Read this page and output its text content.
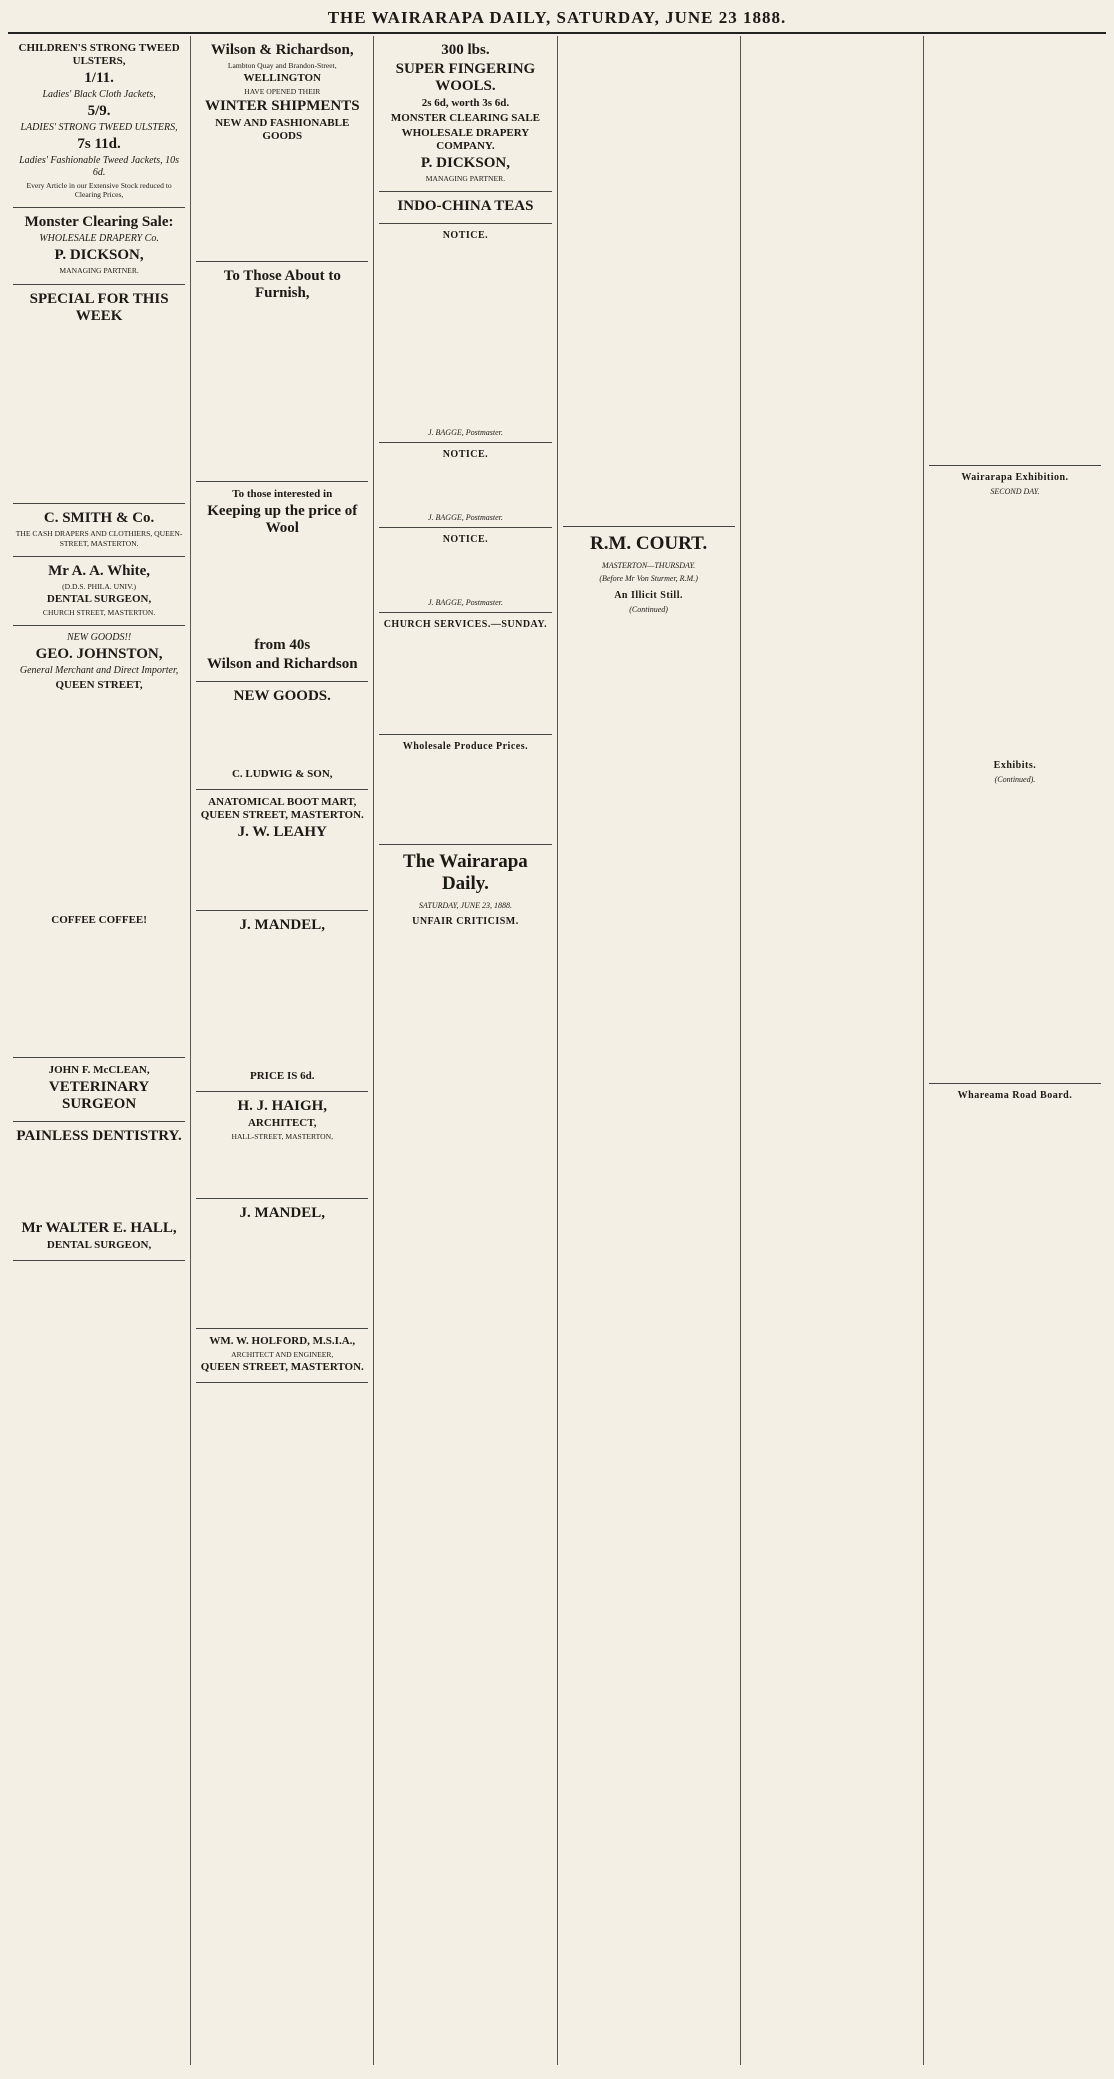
THE WAIRARAPA DAILY, SATURDAY, JUNE 23 1888.

CHILDREN'S STRONG TWEED ULSTERS,

1/11.

Ladies' Black Cloth Jackets,

5/9.

LADIES' STRONG TWEED ULSTERS,

7s 11d.

Ladies' Fashionable Tweed Jackets, 10s 6d.

Every Article in our Extensive Stock reduced to Clearing Prices,

Monster Clearing Sale:

WHOLESALE DRAPERY Co.

P. DICKSON,

MANAGING PARTNER.

SPECIAL FOR THIS WEEK

C. SMITH & Co.

THE CASH DRAPERS AND CLOTHIERS, QUEEN-STREET, MASTERTON.

Mr A. A. White,

(D.D.S. PHILA. UNIV.)

DENTAL SURGEON,

CHURCH STREET, MASTERTON.

NEW GOODS!!

GEO. JOHNSTON,

General Merchant and Direct Importer,

QUEEN STREET,

COFFEE COFFEE!

JOHN F. McCLEAN,

VETERINARY SURGEON

PAINLESS DENTISTRY.

Mr WALTER E. HALL,

DENTAL SURGEON,

Wilson & Richardson,

Lambton Quay and Brandon-Street,

WELLINGTON

HAVE OPENED THEIR

WINTER SHIPMENTS

NEW AND FASHIONABLE GOODS

To Those About to Furnish,

To those interested in

Keeping up the price of Wool

from 40s

Wilson and Richardson

NEW GOODS.

C. LUDWIG & SON,

ANATOMICAL BOOT MART, QUEEN STREET, MASTERTON.

J. W. LEAHY

J. MANDEL,

PRICE IS 6d.

H. J. HAIGH,

ARCHITECT,

HALL-STREET, MASTERTON,

J. MANDEL,

WM. W. HOLFORD, M.S.I.A.,

ARCHITECT AND ENGINEER,

QUEEN STREET, MASTERTON.

300 lbs.

SUPER FINGERING WOOLS.

2s 6d, worth 3s 6d.

MONSTER CLEARING SALE

WHOLESALE DRAPERY COMPANY.

P. DICKSON,

MANAGING PARTNER.

INDO-CHINA TEAS

NOTICE.

J. BAGGE, Postmaster.

NOTICE.

J. BAGGE, Postmaster.

NOTICE.

J. BAGGE, Postmaster.

CHURCH SERVICES.—SUNDAY.

Wholesale Produce Prices.

The Wairarapa Daily.

SATURDAY, JUNE 23, 1888.

UNFAIR CRITICISM.

R.M. COURT.

MASTERTON—THURSDAY.

(Before Mr Von Sturmer, R.M.)

An Illicit Still.

(Continued)

Wairarapa Exhibition.

SECOND DAY.

Exhibits.

(Continued).

Whareama Road Board.
